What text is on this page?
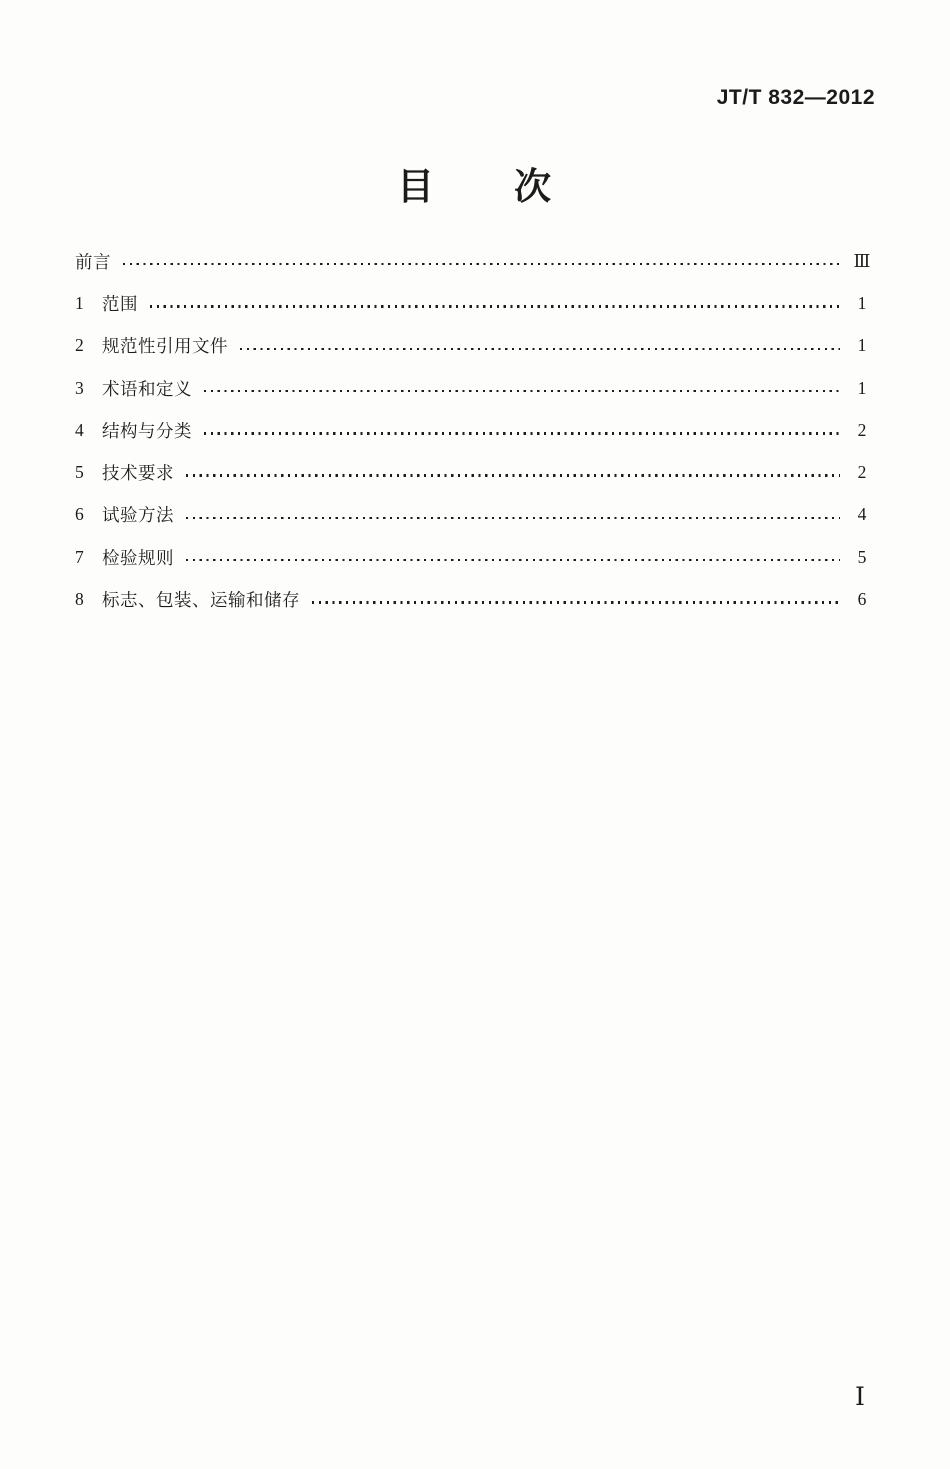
JT/T 832—2012
目　　次
前言	Ⅲ
1 范围	1
2 规范性引用文件	1
3 术语和定义	1
4 结构与分类	2
5 技术要求	2
6 试验方法	4
7 检验规则	5
8 标志、包装、运输和储存	6
Ⅰ
